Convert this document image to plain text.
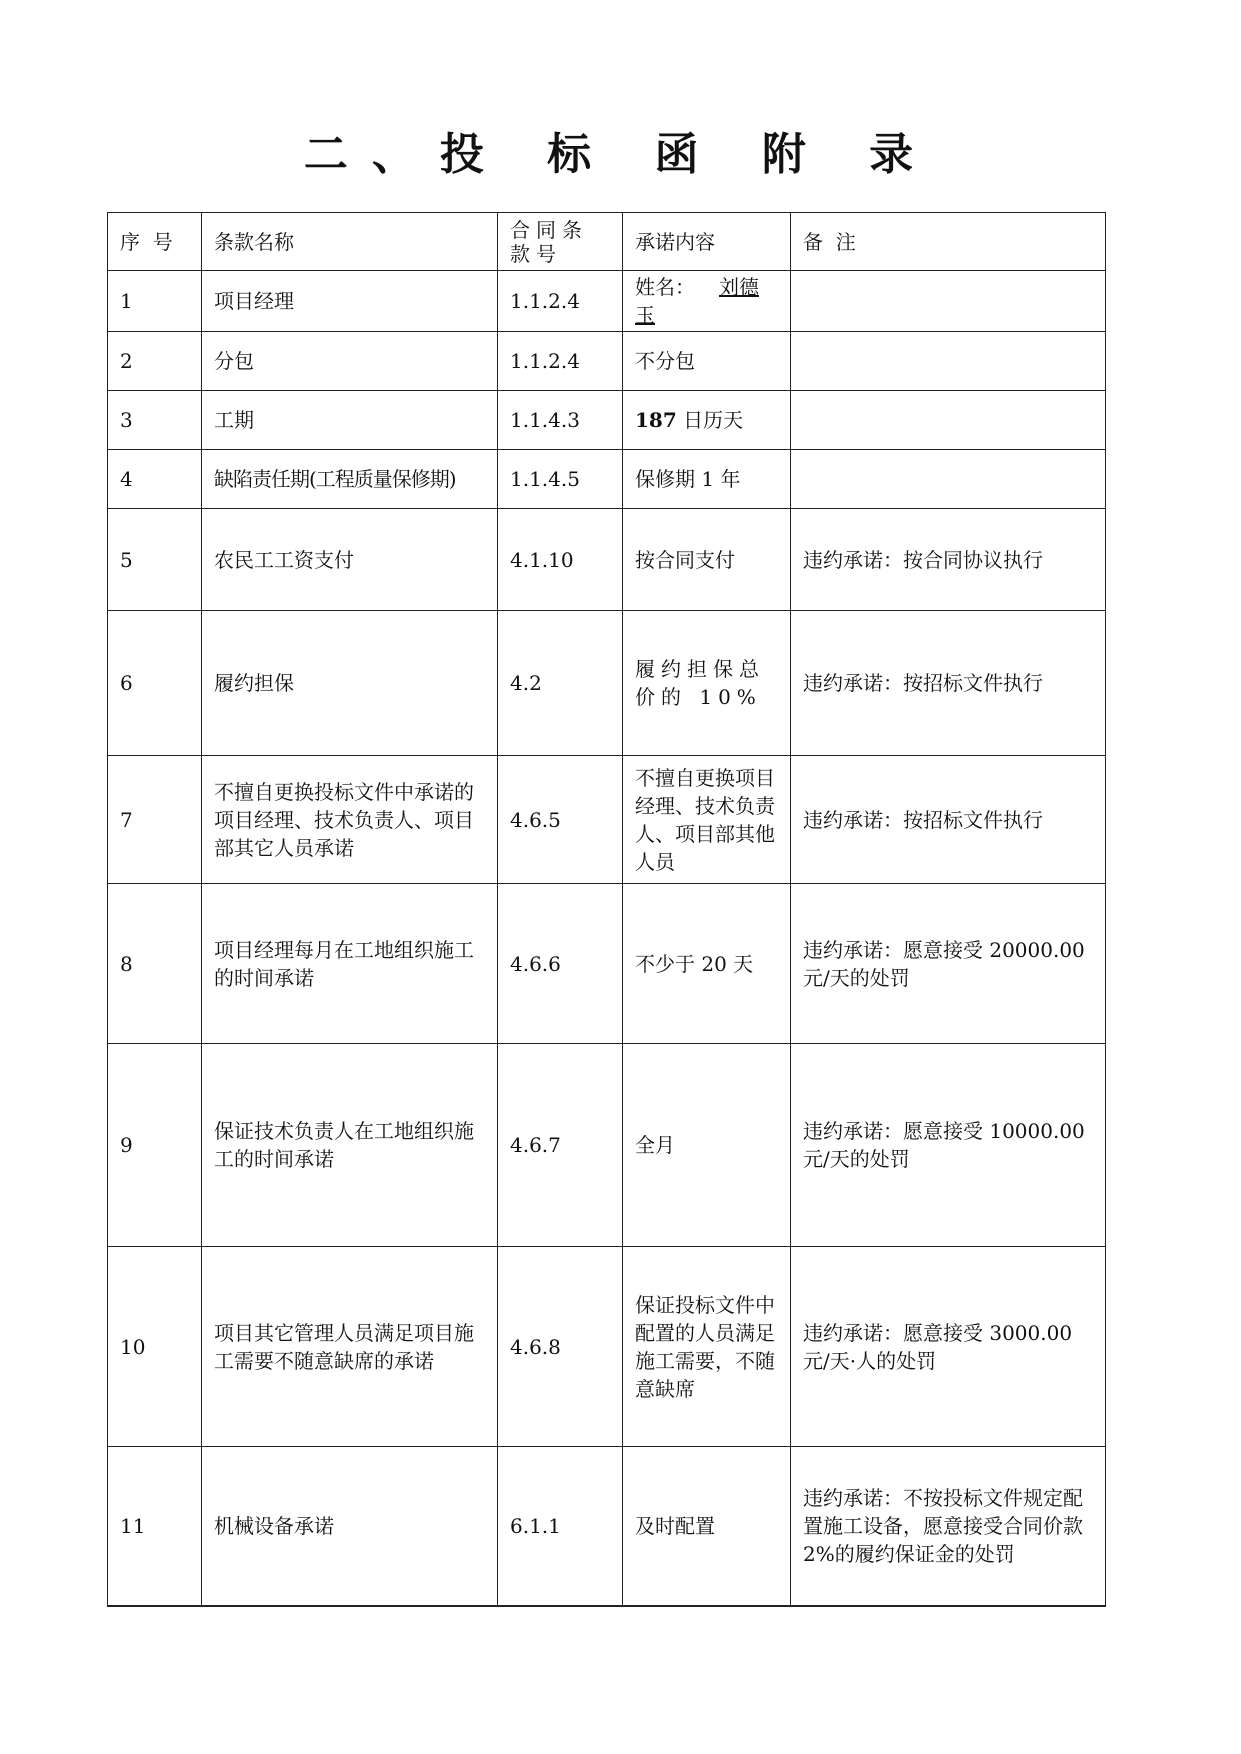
二、投 标 函 附 录
序  号	条款名称	合同条款号	承诺内容	备  注
1	项目经理	1.1.2.4	姓名： 刘德玉	
2	分包	1.1.2.4	不分包	
3	工期	1.1.4.3	187 日历天	
4	缺陷责任期(工程质量保修期)	1.1.4.5	保修期 1 年	
5	农民工工资支付	4.1.10	按合同支付	违约承诺：按合同协议执行
6	履约担保	4.2	履约担保总价的 10%	违约承诺：按招标文件执行
7	不擅自更换投标文件中承诺的项目经理、技术负责人、项目部其它人员承诺	4.6.5	不擅自更换项目经理、技术负责人、项目部其他人员	违约承诺：按招标文件执行
8	项目经理每月在工地组织施工的时间承诺	4.6.6	不少于 20 天	违约承诺：愿意接受 20000.00 元/天的处罚
9	保证技术负责人在工地组织施工的时间承诺	4.6.7	全月	违约承诺：愿意接受 10000.00 元/天的处罚
10	项目其它管理人员满足项目施工需要不随意缺席的承诺	4.6.8	保证投标文件中配置的人员满足施工需要，不随意缺席	违约承诺：愿意接受 3000.00 元/天·人的处罚
11	机械设备承诺	6.1.1	及时配置	违约承诺：不按投标文件规定配置施工设备，愿意接受合同价款 2%的履约保证金的处罚
